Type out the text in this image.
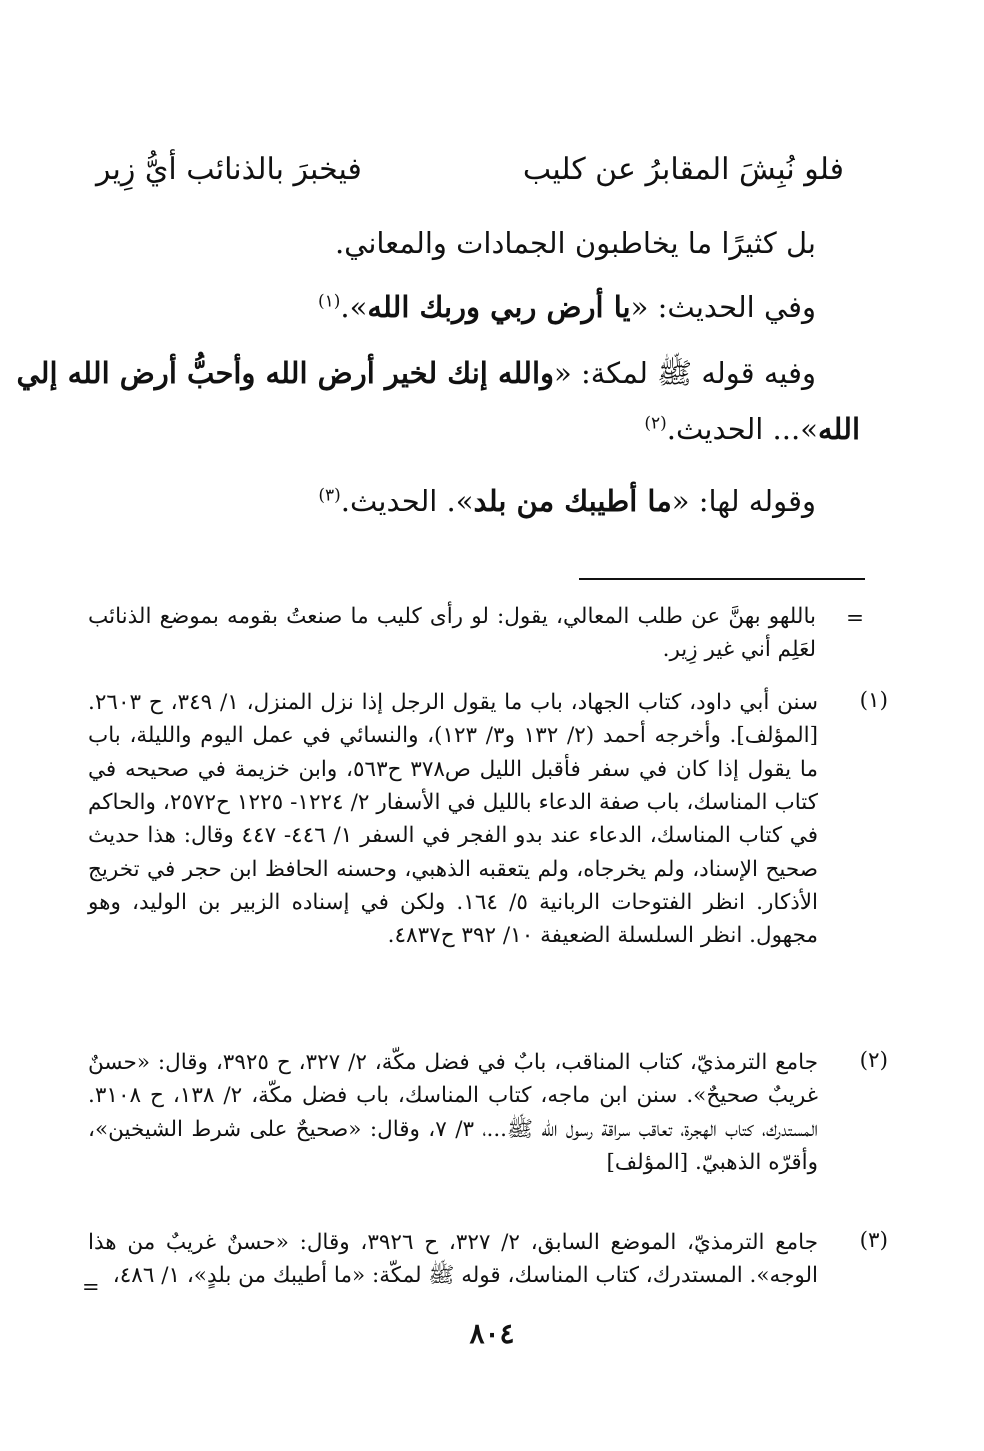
فلو نُبِشَ المقابرُ عن كليب
فيخبرَ بالذنائب أيُّ زِير
بل كثيرًا ما يخاطبون الجمادات والمعاني.
وفي الحديث: «يا أرض ربي وربك الله».$^{(١)}$
وفيه قوله ﷺ لمكة: «والله إنك لخير أرض الله وأحبُّ أرض الله إلي
الله»... الحديث.$^{(٢)}$
وقوله لها: «ما أطيبك من بلد». الحديث.$^{(٣)}$
=
باللهو بهنَّ عن طلب المعالي، يقول: لو رأى كليب ما صنعتُ بقومه بموضع الذنائب لعَلِم أني غير زِير.
(١)
سنن أبي داود، كتاب الجهاد، باب ما يقول الرجل إذا نزل المنزل، ١/ ٣٤٩، ح ٢٦٠٣. [المؤلف]. وأخرجه أحمد (٢/ ١٣٢ و٣/ ١٢٣)، والنسائي في عمل اليوم والليلة، باب ما يقول إذا كان في سفر فأقبل الليل ص٣٧٨ ح٥٦٣، وابن خزيمة في صحيحه في كتاب المناسك، باب صفة الدعاء بالليل في الأسفار ٢/ ١٢٢٤- ١٢٢٥ ح٢٥٧٢، والحاكم في كتاب المناسك، الدعاء عند بدو الفجر في السفر ١/ ٤٤٦- ٤٤٧ وقال: هذا حديث صحيح الإسناد، ولم يخرجاه، ولم يتعقبه الذهبي، وحسنه الحافظ ابن حجر في تخريج الأذكار. انظر الفتوحات الربانية ٥/ ١٦٤. ولكن في إسناده الزبير بن الوليد، وهو مجهول. انظر السلسلة الضعيفة ١٠/ ٣٩٢ ح٤٨٣٧.
(٢)
جامع الترمذيّ، كتاب المناقب، بابٌ في فضل مكّة، ٢/ ٣٢٧، ح ٣٩٢٥، وقال: «حسنٌ غريبٌ صحيحٌ». سنن ابن ماجه، كتاب المناسك، باب فضل مكّة، ٢/ ١٣٨، ح ٣١٠٨. المستدرك، كتاب الهجرة، تعاقب سراقة رسول الله ﷺ...، ٣/ ٧، وقال: «صحيحٌ على شرط الشيخين»، وأقرّه الذهبيّ. [المؤلف]
(٣)
جامع الترمذيّ، الموضع السابق، ٢/ ٣٢٧، ح ٣٩٢٦، وقال: «حسنٌ غريبٌ من هذا الوجه». المستدرك، كتاب المناسك، قوله ﷺ لمكّة: «ما أطيبك من بلدٍ»، ١/ ٤٨٦،
=
٨٠٤
